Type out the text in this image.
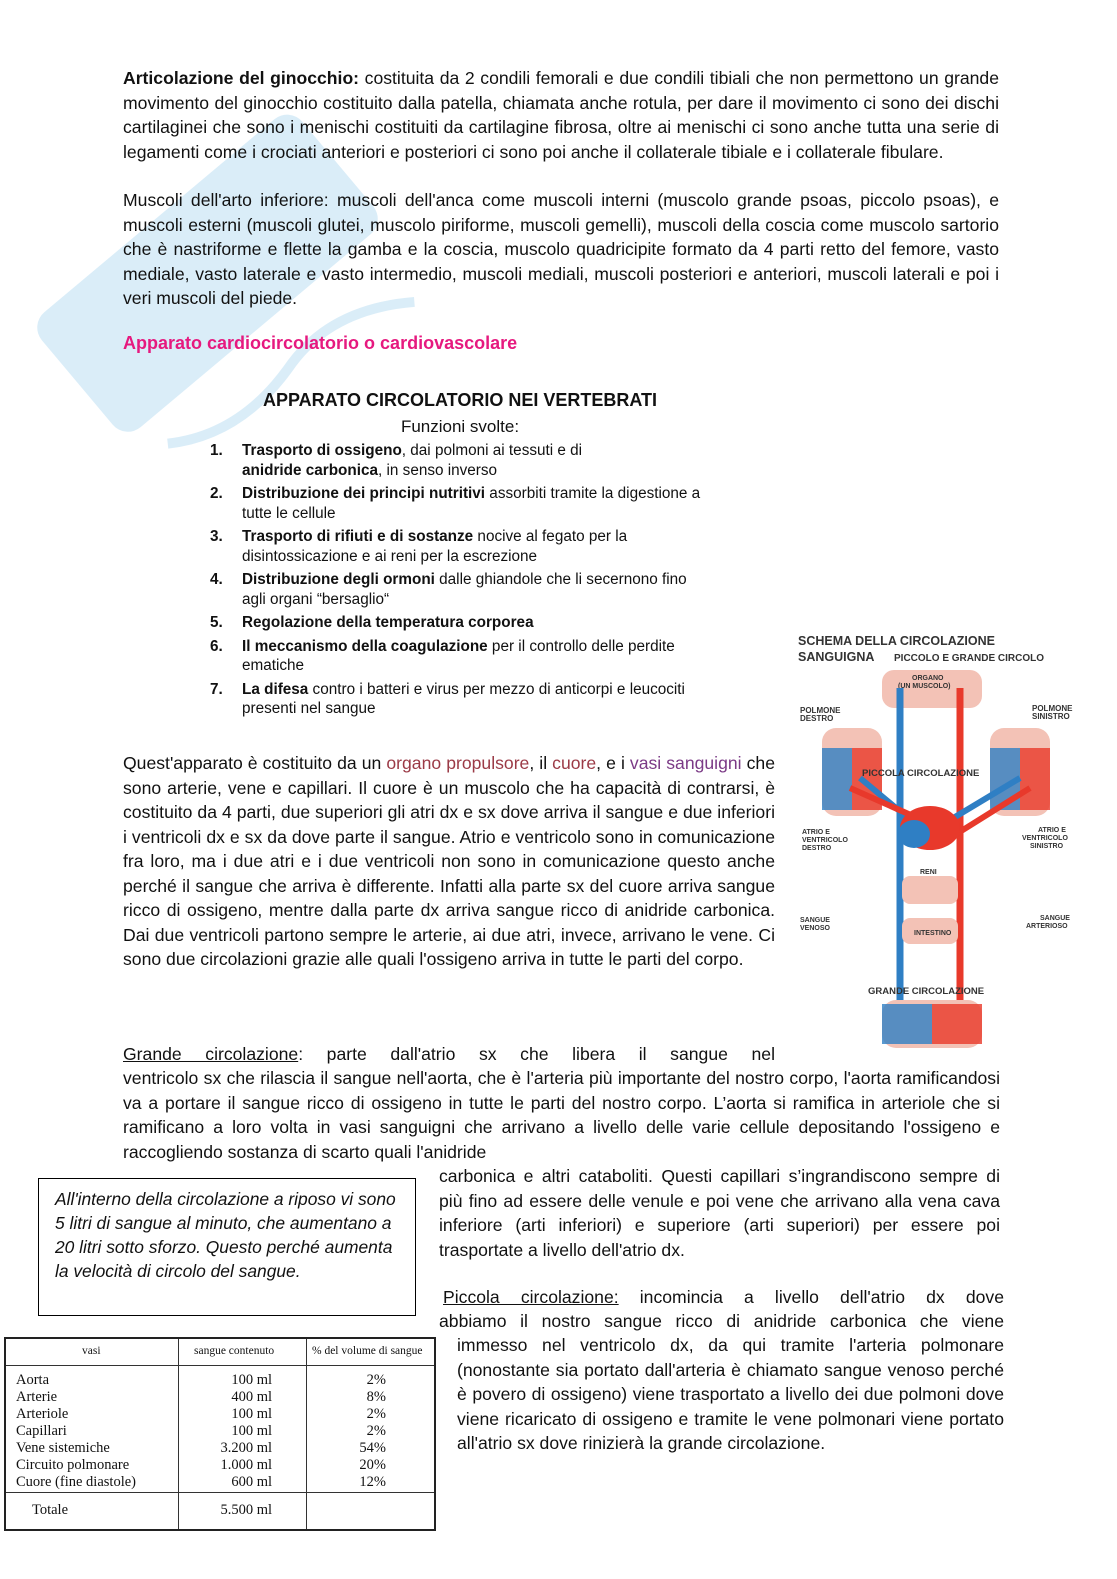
Articolazione del ginocchio: costituita da 2 condili femorali e due condili tibiali che non permettono un grande movimento del ginocchio costituito dalla patella, chiamata anche rotula, per dare il movimento ci sono dei dischi cartilaginei che sono i menischi costituiti da cartilagine fibrosa, oltre ai menischi ci sono anche tutta una serie di legamenti come i crociati anteriori e posteriori ci sono poi anche il collaterale tibiale e i collaterale fibulare.
Muscoli dell'arto inferiore: muscoli dell'anca come muscoli interni (muscolo grande psoas, piccolo psoas), e muscoli esterni (muscoli glutei, muscolo piriforme, muscoli gemelli), muscoli della coscia come muscolo sartorio che è nastriforme e flette la gamba e la coscia, muscolo quadricipite formato da 4 parti retto del femore, vasto mediale, vasto laterale e vasto intermedio, muscoli mediali, muscoli posteriori e anteriori, muscoli laterali e poi i veri muscoli del piede.
Apparato cardiocircolatorio o cardiovascolare

APPARATO CIRCOLATORIO NEI VERTEBRATI

Funzioni svolte:

1. Trasporto di ossigeno, dai polmoni ai tessuti e di
anidride carbonica, in senso inverso
2. Distribuzione dei principi nutritivi assorbiti tramite la digestione a tutte le cellule
3. Trasporto di rifiuti e di sostanze nocive al fegato per la disintossicazione e ai reni per la escrezione
4. Distribuzione degli ormoni dalle ghiandole che li secernono fino agli organi “bersaglio“
5. Regolazione della temperatura corporea
6. Il meccanismo della coagulazione per il controllo delle perdite ematiche
7. La difesa contro i batteri e virus per mezzo di anticorpi e leucociti presenti nel sangue
Quest'apparato è costituito da un organo propulsore, il cuore, e i vasi sanguigni che sono arterie, vene e capillari. Il cuore è un muscolo che ha capacità di contrarsi, è costituito da 4 parti, due superiori gli atri dx e sx dove arriva il sangue e due inferiori i ventricoli dx e sx da dove parte il sangue. Atrio e ventricolo sono in comunicazione fra loro, ma i due atri e i due ventricoli non sono in comunicazione questo anche perché il sangue che arriva è differente. Infatti alla parte sx del cuore arriva sangue ricco di ossigeno, mentre dalla parte dx arriva sangue ricco di anidride carbonica. Dai due ventricoli partono sempre le arterie, ai due atri, invece, arrivano le vene. Ci sono due circolazioni grazie alle quali l'ossigeno arriva in tutte le parti del corpo.
SCHEMA DELLA CIRCOLAZIONE
SANGUIGNA PICCOLO E GRANDE CIRCOLO
ORGANO
(UN MUSCOLO)
POLMONE
DESTRO
POLMONE
SINISTRO
PICCOLA CIRCOLAZIONE
ATRIO E
VENTRICOLO
DESTRO
ATRIO E
VENTRICOLO
SINISTRO
RENI
INTESTINO
SANGUE
VENOSO
SANGUE
ARTERIOSO
GRANDE CIRCOLAZIONE
Grande circolazione: parte dall'atrio sx che libera il sangue nel
ventricolo sx che rilascia il sangue nell'aorta, che è l'arteria più importante del nostro corpo, l'aorta ramificandosi va a portare il sangue ricco di ossigeno in tutte le parti del nostro corpo. L’aorta si ramifica in arteriole che si ramificano a loro volta in vasi sanguigni che arrivano a livello delle varie cellule depositando l'ossigeno e raccogliendo sostanza di scarto quali l'anidride
carbonica e altri cataboliti. Questi capillari s’ingrandiscono sempre di più fino ad essere delle venule e poi vene che arrivano alla vena cava inferiore (arti inferiori) e superiore (arti superiori) per essere poi trasportate a livello dell'atrio dx.
All'interno della circolazione a riposo vi sono 5 litri di sangue al minuto, che aumentano a 20 litri sotto sforzo. Questo perché aumenta la velocità di circolo del sangue.
Piccola circolazione: incomincia a livello dell'atrio dx dove
abbiamo il nostro sangue ricco di anidride carbonica che viene
immesso nel ventricolo dx, da qui tramite l'arteria polmonare (nonostante sia portato dall'arteria è chiamato sangue venoso perché è povero di ossigeno) viene trasportato a livello dei due polmoni dove viene ricaricato di ossigeno e tramite le vene polmonari viene portato all'atrio sx dove rinizierà la grande circolazione.
vasi	sangue contenuto	% del volume di sangue
Aorta	100 ml	2%
Arterie	400 ml	8%
Arteriole	100 ml	2%
Capillari	100 ml	2%
Vene sistemiche	3.200 ml	54%
Circuito polmonare	1.000 ml	20%
Cuore (fine diastole)	600 ml	12%
Totale	5.500 ml
